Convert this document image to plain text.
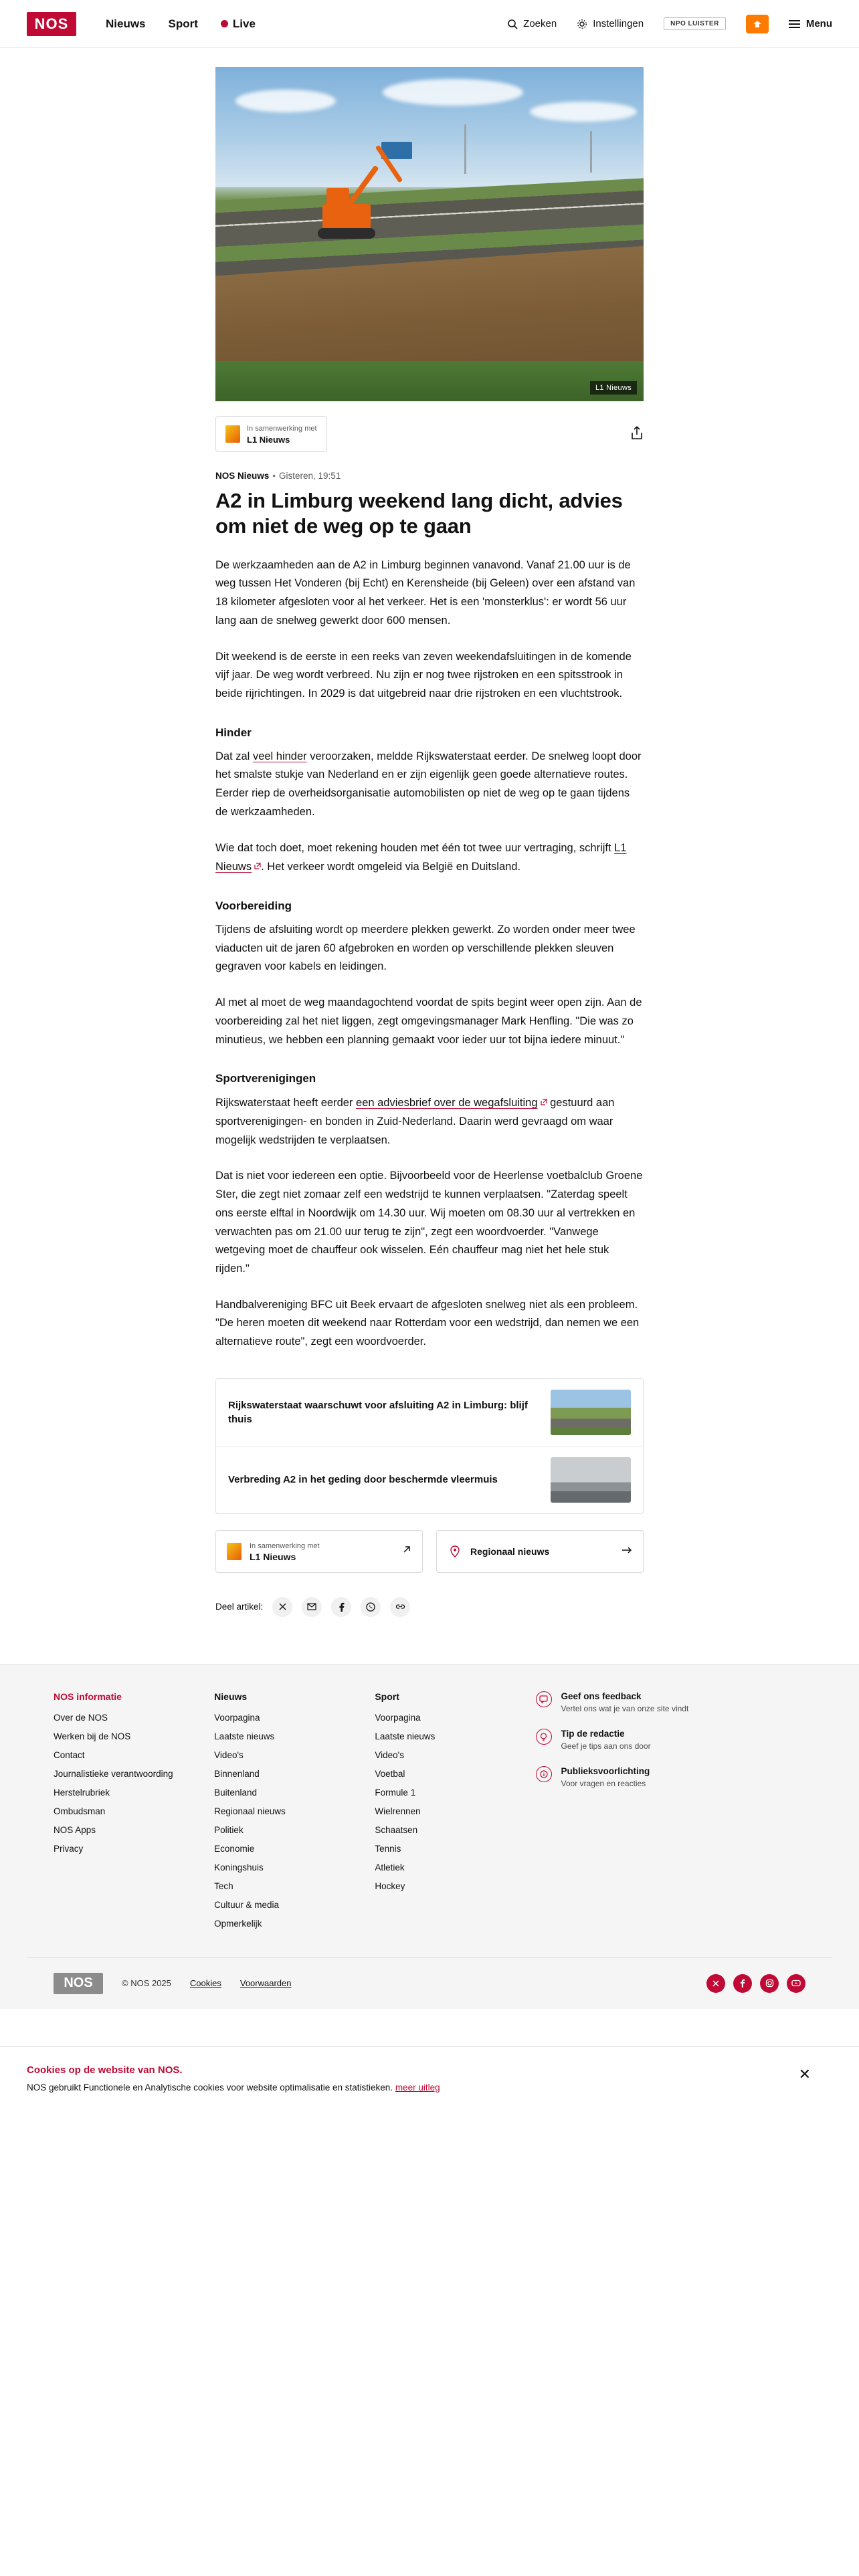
NOS	Nieuws Sport	Live	Zoeken	Instellingen	NPO LUISTER	Menu
L1 Nieuws
In samenwerking met
L1 Nieuws
NOS Nieuws • Gisteren, 19:51
A2 in Limburg weekend lang dicht, advies om niet de weg op te gaan

De werkzaamheden aan de A2 in Limburg beginnen vanavond. Vanaf 21.00 uur is de weg tussen Het Vonderen (bij Echt) en Kerensheide (bij Geleen) over een afstand van 18 kilometer afgesloten voor al het verkeer. Het is een 'monsterklus': er wordt 56 uur lang aan de snelweg gewerkt door 600 mensen.

Dit weekend is de eerste in een reeks van zeven weekendafsluitingen in de komende vijf jaar. De weg wordt verbreed. Nu zijn er nog twee rijstroken en een spitsstrook in beide rijrichtingen. In 2029 is dat uitgebreid naar drie rijstroken en een vluchtstrook.

Hinder

Dat zal veel hinder veroorzaken, meldde Rijkswaterstaat eerder. De snelweg loopt door het smalste stukje van Nederland en er zijn eigenlijk geen goede alternatieve routes. Eerder riep de overheidsorganisatie automobilisten op niet de weg op te gaan tijdens de werkzaamheden.

Wie dat toch doet, moet rekening houden met één tot twee uur vertraging, schrijft L1 Nieuws . Het verkeer wordt omgeleid via België en Duitsland.

Voorbereiding

Tijdens de afsluiting wordt op meerdere plekken gewerkt. Zo worden onder meer twee viaducten uit de jaren 60 afgebroken en worden op verschillende plekken sleuven gegraven voor kabels en leidingen.

Al met al moet de weg maandagochtend voordat de spits begint weer open zijn. Aan de voorbereiding zal het niet liggen, zegt omgevingsmanager Mark Henfling. "Die was zo minutieus, we hebben een planning gemaakt voor ieder uur tot bijna iedere minuut."

Sportverenigingen

Rijkswaterstaat heeft eerder een adviesbrief over de wegafsluiting gestuurd aan sportverenigingen- en bonden in Zuid-Nederland. Daarin werd gevraagd om waar mogelijk wedstrijden te verplaatsen.

Dat is niet voor iedereen een optie. Bijvoorbeeld voor de Heerlense voetbalclub Groene Ster, die zegt niet zomaar zelf een wedstrijd te kunnen verplaatsen. "Zaterdag speelt ons eerste elftal in Noordwijk om 14.30 uur. Wij moeten om 08.30 uur al vertrekken en verwachten pas om 21.00 uur terug te zijn", zegt een woordvoerder. "Vanwege wetgeving moet de chauffeur ook wisselen. Eén chauffeur mag niet het hele stuk rijden."

Handbalvereniging BFC uit Beek ervaart de afgesloten snelweg niet als een probleem. "De heren moeten dit weekend naar Rotterdam voor een wedstrijd, dan nemen we een alternatieve route", zegt een woordvoerder.

Rijkswaterstaat waarschuwt voor afsluiting A2 in Limburg: blijf thuis
Verbreding A2 in het geding door beschermde vleermuis
In samenwerking met
L1 Nieuws	Regionaal nieuws
Deel artikel:
NOS informatie
Over de NOS
Werken bij de NOS
Contact
Journalistieke verantwoording
Herstelrubriek
Ombudsman
NOS Apps
Privacy
Nieuws
Voorpagina
Laatste nieuws
Video's
Binnenland
Buitenland
Regionaal nieuws
Politiek
Economie
Koningshuis
Tech
Cultuur & media
Opmerkelijk
Sport
Voorpagina
Laatste nieuws
Video's
Voetbal
Formule 1
Wielrennen
Schaatsen
Tennis
Atletiek
Hockey
Geef ons feedback
Vertel ons wat je van onze site vindt
Tip de redactie
Geef je tips aan ons door
Publieksvoorlichting
Voor vragen en reacties
NOS	© NOS 2025 Cookies Voorwaarden
Cookies op de website van NOS.
NOS gebruikt Functionele en Analytische cookies voor website optimalisatie en statistieken. meer uitleg
✕
